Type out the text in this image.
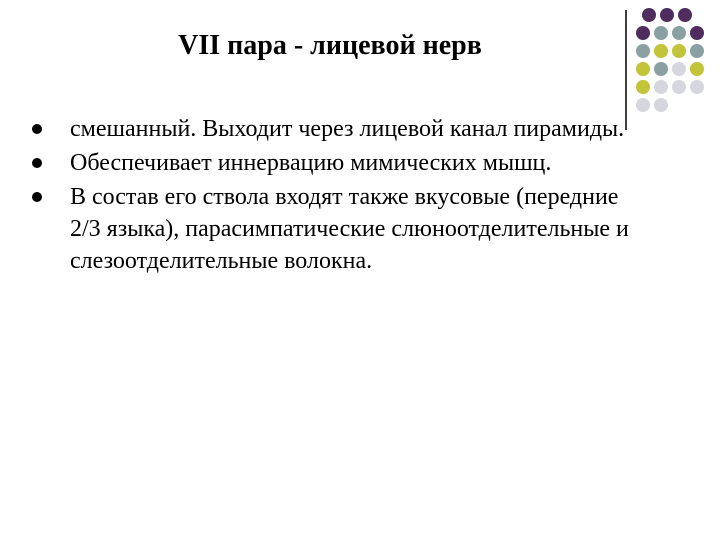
VII пара - лицевой нерв
смешанный. Выходит через лицевой канал пирамиды.
Обеспечивает иннервацию мимических мышц.
В состав его ствола входят также вкусовые (передние 2/3 языка), парасимпатические слюноотделительные и слезоотделительные волокна.
